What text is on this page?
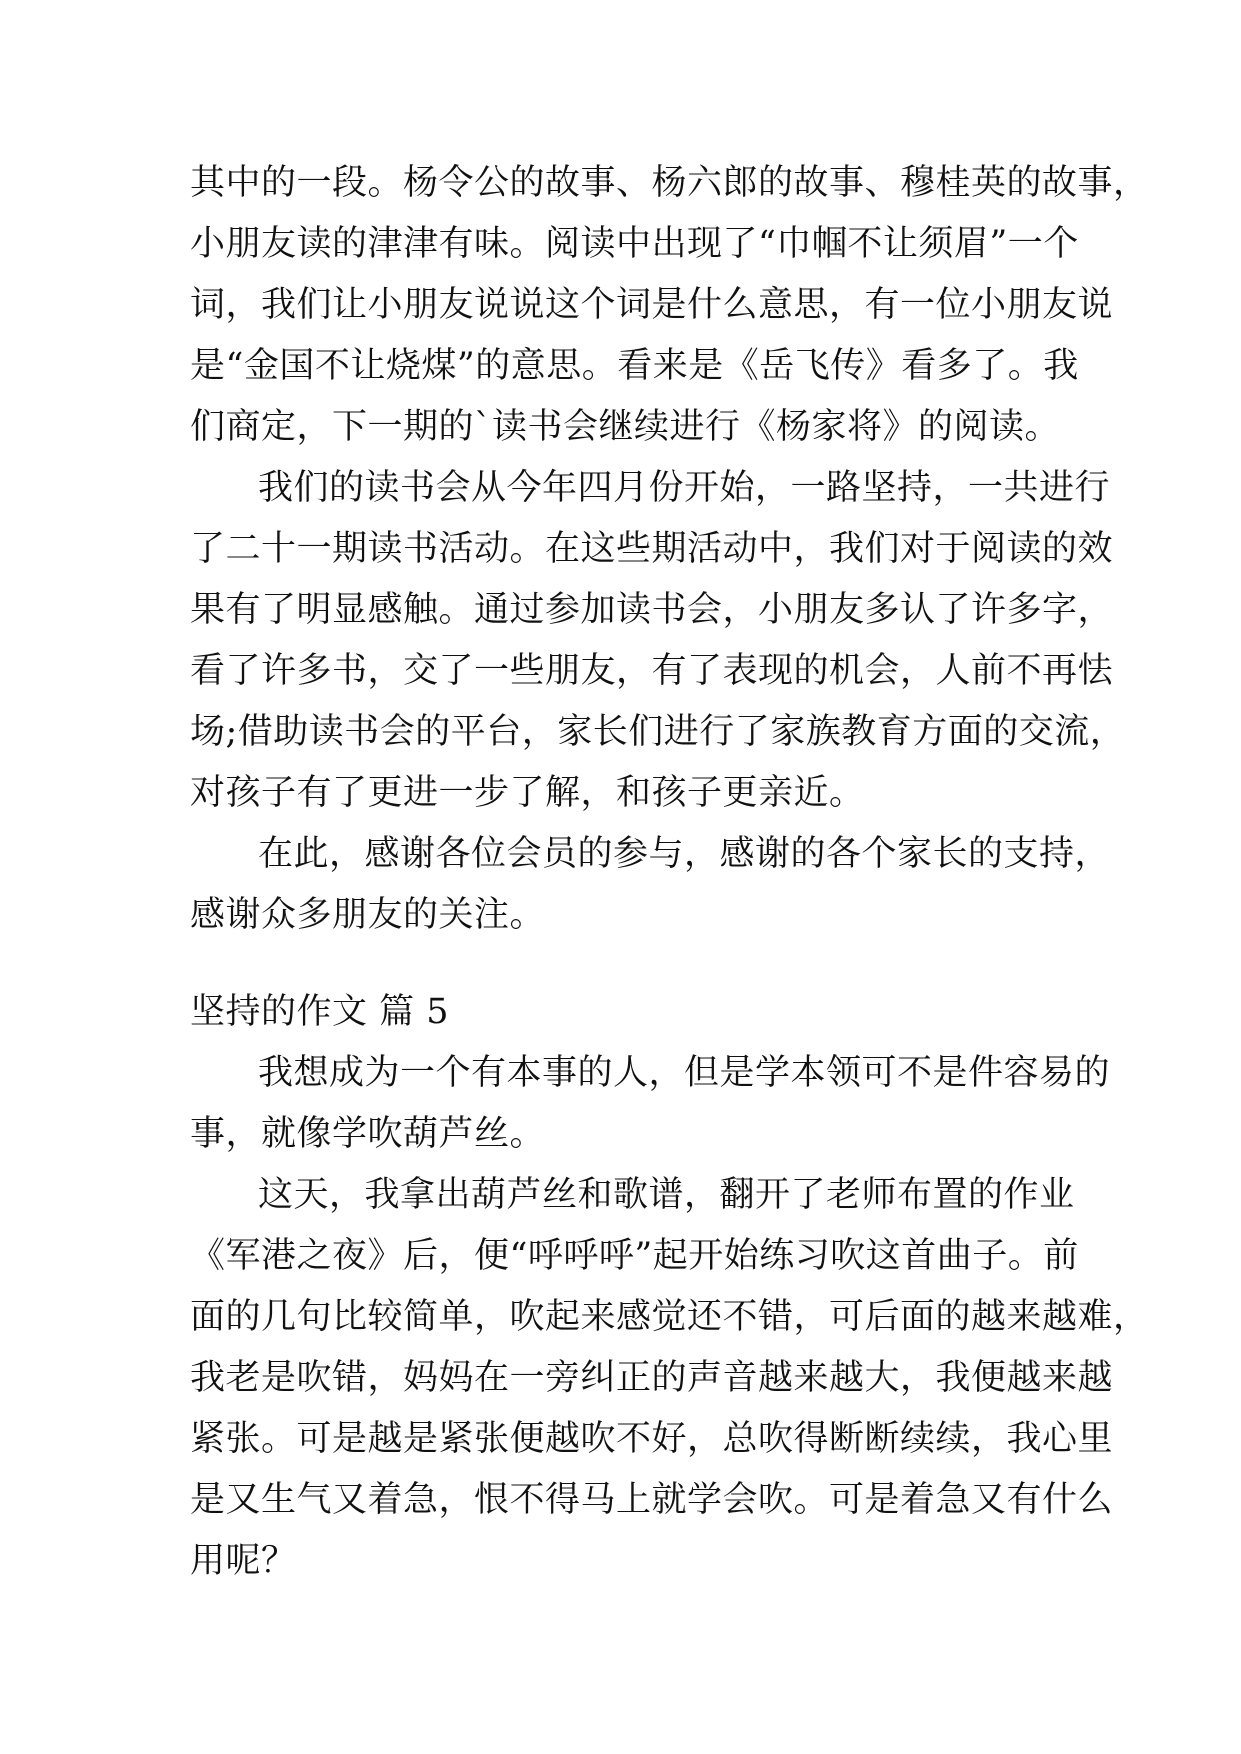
其中的一段。杨令公的故事、杨六郎的故事、穆桂英的故事，
小朋友读的津津有味。阅读中出现了“巾帼不让须眉”一个
词，我们让小朋友说说这个词是什么意思，有一位小朋友说
是“金国不让烧煤”的意思。看来是《岳飞传》看多了。我
们商定，下一期的`读书会继续进行《杨家将》的阅读。
我们的读书会从今年四月份开始，一路坚持，一共进行
了二十一期读书活动。在这些期活动中，我们对于阅读的效
果有了明显感触。通过参加读书会，小朋友多认了许多字，
看了许多书，交了一些朋友，有了表现的机会，人前不再怯
场;借助读书会的平台，家长们进行了家族教育方面的交流，
对孩子有了更进一步了解，和孩子更亲近。
在此，感谢各位会员的参与，感谢的各个家长的支持，
感谢众多朋友的关注。
坚持的作文 篇 5
我想成为一个有本事的人，但是学本领可不是件容易的
事，就像学吹葫芦丝。
这天，我拿出葫芦丝和歌谱，翻开了老师布置的作业
《军港之夜》后，便“呼呼呼”起开始练习吹这首曲子。前
面的几句比较简单，吹起来感觉还不错，可后面的越来越难，
我老是吹错，妈妈在一旁纠正的声音越来越大，我便越来越
紧张。可是越是紧张便越吹不好，总吹得断断续续，我心里
是又生气又着急，恨不得马上就学会吹。可是着急又有什么
用呢？
